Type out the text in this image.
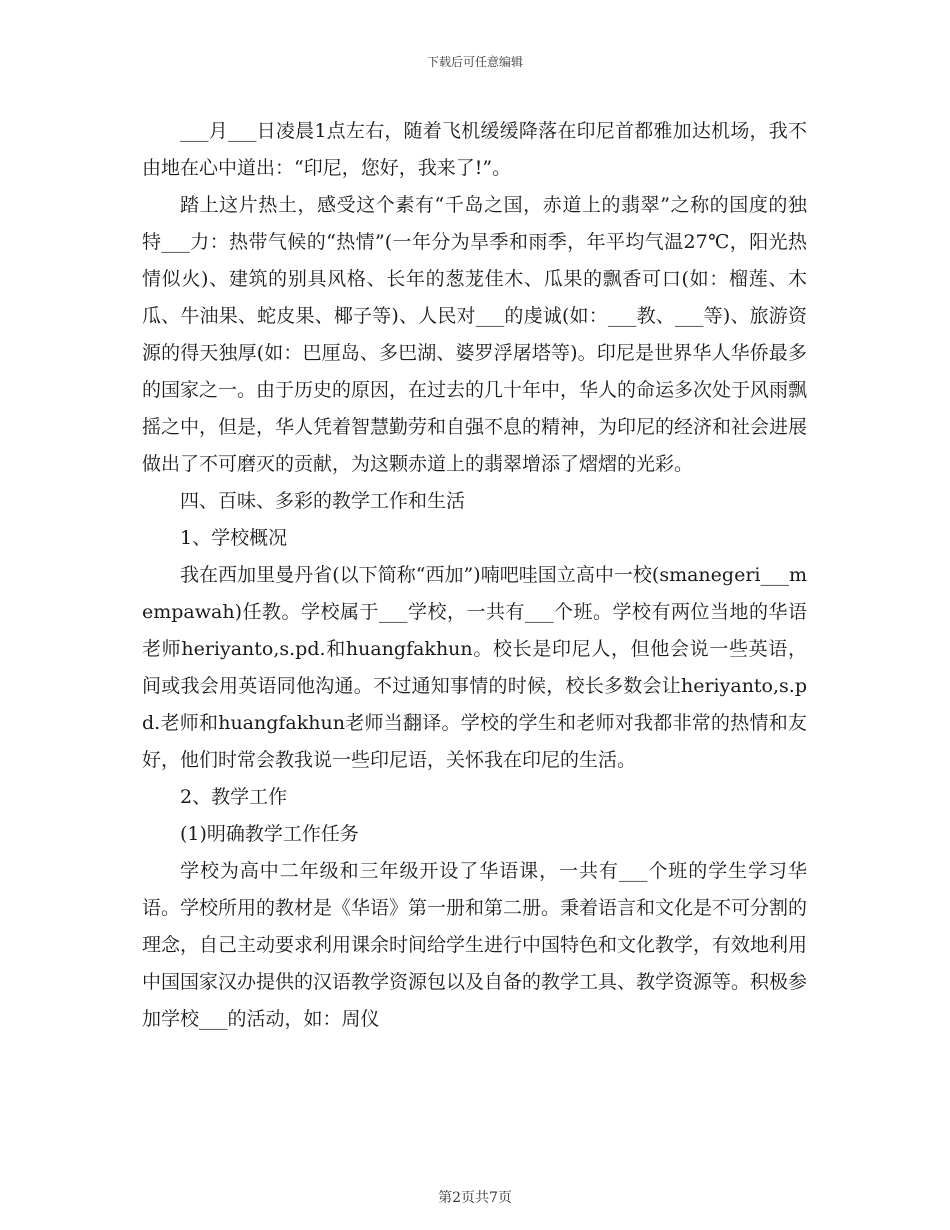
下载后可任意编辑

___月___日凌晨1点左右，随着飞机缓缓降落在印尼首都雅加达机场，我不由地在心中道出：“印尼，您好，我来了!”。

踏上这片热土，感受这个素有“千岛之国，赤道上的翡翠”之称的国度的独特___力：热带气候的“热情”(一年分为旱季和雨季，年平均气温27℃，阳光热情似火)、建筑的别具风格、长年的葱茏佳木、瓜果的飘香可口(如：榴莲、木瓜、牛油果、蛇皮果、椰子等)、人民对___的虔诚(如：___教、___等)、旅游资源的得天独厚(如：巴厘岛、多巴湖、婆罗浮屠塔等)。印尼是世界华人华侨最多的国家之一。由于历史的原因，在过去的几十年中，华人的命运多次处于风雨飘摇之中，但是，华人凭着智慧勤劳和自强不息的精神，为印尼的经济和社会进展做出了不可磨灭的贡献，为这颗赤道上的翡翠增添了熠熠的光彩。

四、百味、多彩的教学工作和生活

1、学校概况

我在西加里曼丹省(以下简称“西加”)喃吧哇国立高中一校(smanegeri___mempawah)任教。学校属于___学校，一共有___个班。学校有两位当地的华语老师heriyanto,s.pd.和huangfakhun。校长是印尼人，但他会说一些英语，间或我会用英语同他沟通。不过通知事情的时候，校长多数会让heriyanto,s.pd.老师和huangfakhun老师当翻译。学校的学生和老师对我都非常的热情和友好，他们时常会教我说一些印尼语，关怀我在印尼的生活。

2、教学工作

(1)明确教学工作任务

学校为高中二年级和三年级开设了华语课，一共有___个班的学生学习华语。学校所用的教材是《华语》第一册和第二册。秉着语言和文化是不可分割的理念，自己主动要求利用课余时间给学生进行中国特色和文化教学，有效地利用中国国家汉办提供的汉语教学资源包以及自备的教学工具、教学资源等。积极参加学校___的活动，如：周仪

第2页共7页
